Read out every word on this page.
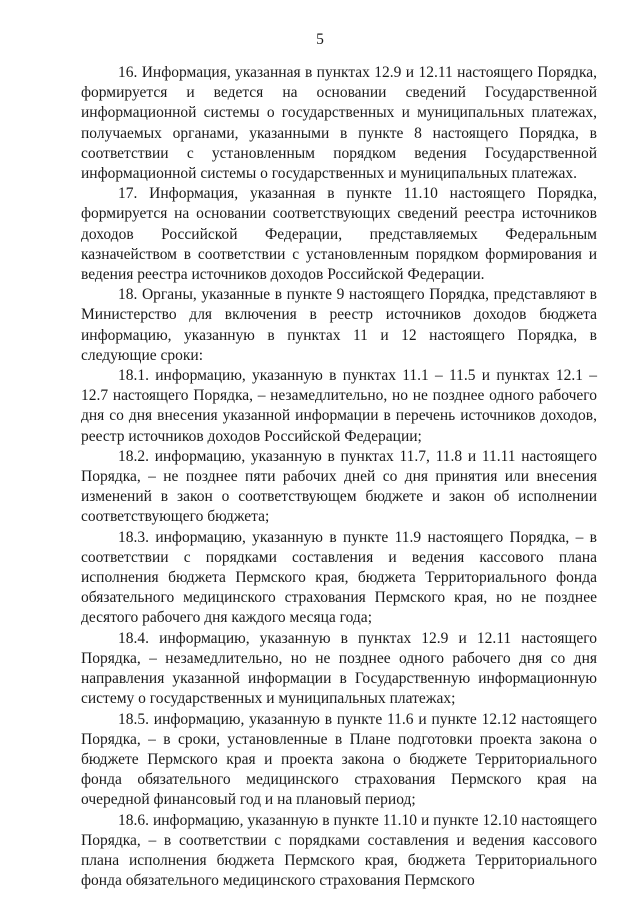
5

16. Информация, указанная в пунктах 12.9 и 12.11 настоящего Порядка, формируется и ведется на основании сведений Государственной информационной системы о государственных и муниципальных платежах, получаемых органами, указанными в пункте 8 настоящего Порядка, в соответствии с установленным порядком ведения Государственной информационной системы о государственных и муниципальных платежах.

17. Информация, указанная в пункте 11.10 настоящего Порядка, формируется на основании соответствующих сведений реестра источников доходов Российской Федерации, представляемых Федеральным казначейством в соответствии с установленным порядком формирования и ведения реестра источников доходов Российской Федерации.

18. Органы, указанные в пункте 9 настоящего Порядка, представляют в Министерство для включения в реестр источников доходов бюджета информацию, указанную в пунктах 11 и 12 настоящего Порядка, в следующие сроки:

18.1. информацию, указанную в пунктах 11.1 – 11.5 и пунктах 12.1 – 12.7 настоящего Порядка, – незамедлительно, но не позднее одного рабочего дня со дня внесения указанной информации в перечень источников доходов, реестр источников доходов Российской Федерации;

18.2. информацию, указанную в пунктах 11.7, 11.8 и 11.11 настоящего Порядка, – не позднее пяти рабочих дней со дня принятия или внесения изменений в закон о соответствующем бюджете и закон об исполнении соответствующего бюджета;

18.3. информацию, указанную в пункте 11.9 настоящего Порядка, – в соответствии с порядками составления и ведения кассового плана исполнения бюджета Пермского края, бюджета Территориального фонда обязательного медицинского страхования Пермского края, но не позднее десятого рабочего дня каждого месяца года;

18.4. информацию, указанную в пунктах 12.9 и 12.11 настоящего Порядка, – незамедлительно, но не позднее одного рабочего дня со дня направления указанной информации в Государственную информационную систему о государственных и муниципальных платежах;

18.5. информацию, указанную в пункте 11.6 и пункте 12.12 настоящего Порядка, – в сроки, установленные в Плане подготовки проекта закона о бюджете Пермского края и проекта закона о бюджете Территориального фонда обязательного медицинского страхования Пермского края на очередной финансовый год и на плановый период;

18.6. информацию, указанную в пункте 11.10 и пункте 12.10 настоящего Порядка, – в соответствии с порядками составления и ведения кассового плана исполнения бюджета Пермского края, бюджета Территориального фонда обязательного медицинского страхования Пермского
